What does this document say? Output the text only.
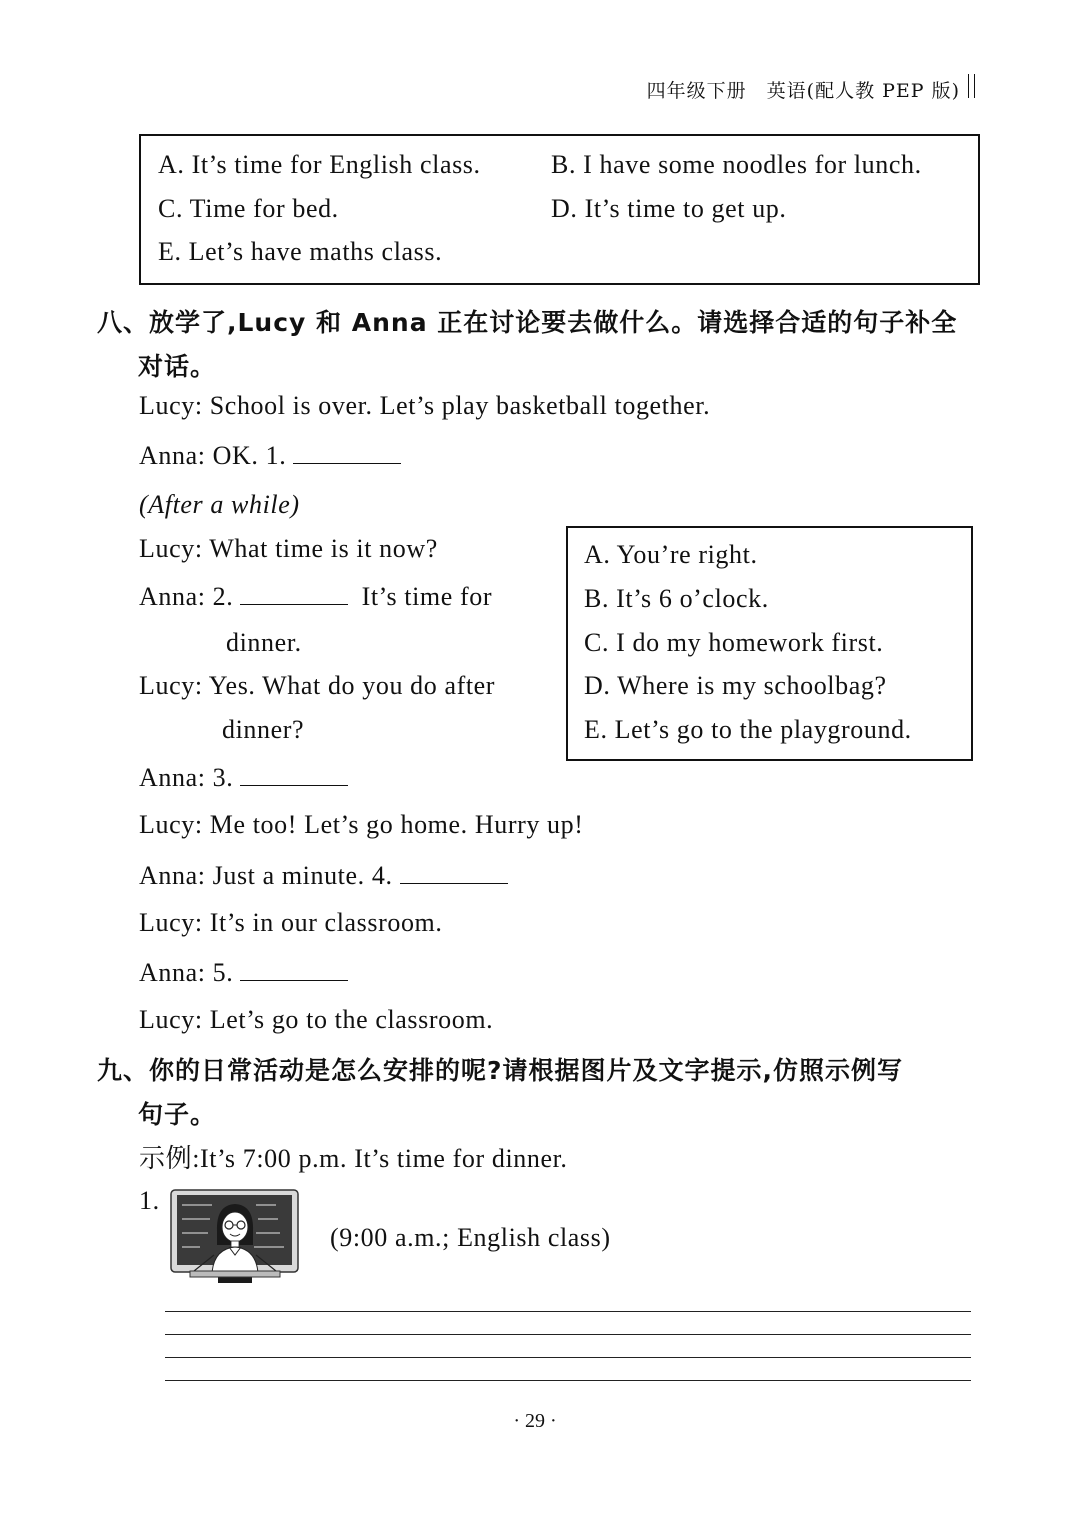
四年级下册　英语(配人教 PEP 版)
A. It’s time for English class.	B. I have some noodles for lunch.
C. Time for bed.	D. It’s time to get up.
E. Let’s have maths class.
八、放学了,Lucy 和 Anna 正在讨论要去做什么。请选择合适的句子补全
对话。
Lucy: School is over. Let’s play basketball together.
Anna: OK. 1.
(After a while)
Lucy: What time is it now?
Anna: 2.	It’s time for
dinner.
Lucy: Yes. What do you do after
dinner?
Anna: 3.
Lucy: Me too! Let’s go home. Hurry up!
Anna: Just a minute. 4.
Lucy: It’s in our classroom.
Anna: 5.
Lucy: Let’s go to the classroom.
A. You’re right.
B. It’s 6 o’clock.
C. I do my homework first.
D. Where is my schoolbag?
E. Let’s go to the playground.
九、你的日常活动是怎么安排的呢?请根据图片及文字提示,仿照示例写
句子。
示例:It’s 7:00 p.m. It’s time for dinner.
1.
(9:00 a.m.; English class)
· 29 ·
